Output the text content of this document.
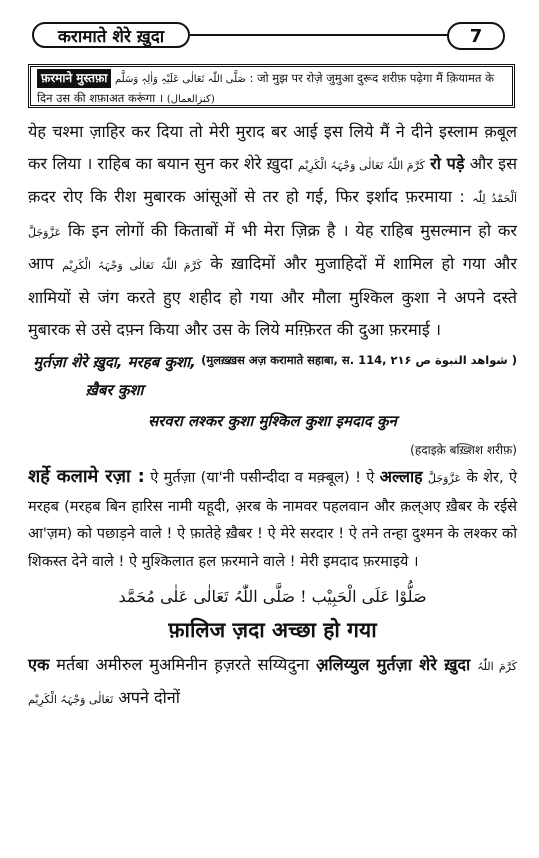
करामाते शेरे ख़ुदा	7
फ़रमाने मुस्तफ़ा صَلَّی اللّٰہ تَعَالٰی عَلَیْہِ وَاٰلِہٖ وَسَلَّم : जो मुझ पर रोज़े जुमुआ दुरूद शरीफ़ पढ़ेगा मैं क़ियामत के दिन उस की शफ़ाअत करूंगा । (کنزالعمال)

येह चश्मा ज़ाहिर कर दिया तो मेरी मुराद बर आई इस लिये मैं ने दीने इस्लाम क़बूल कर लिया । राहिब का बयान सुन कर शेरे ख़ुदा کَرَّمَ اللّٰہُ تَعَالٰی وَجْہَہُ الْکَرِیْم रो पड़े और इस क़दर रोए कि रीश मुबारक आंसूओं से तर हो गई, फिर इर्शाद फ़रमाया : اَلْحَمْدُ لِلّٰہ عَزَّوَجَلَّ कि इन लोगों की किताबों में भी मेरा ज़िक्र है । येह राहिब मुसल्मान हो कर आप کَرَّمَ اللّٰہُ تَعَالٰی وَجْہَہُ الْکَرِیْم के ख़ादिमों और मुजाहिदों में शामिल हो गया और शामियों से जंग करते हुए शहीद हो गया और मौला मुश्किल कुशा ने अपने दस्ते मुबारक से उसे दफ़्न किया और उस के लिये मग़्फ़िरत की दुआ फ़रमाई ।
(मुलख़्ख़स अज़ करामाते सहाबा, स. 114, شواهد النبوة ص ۲۱۶ )

मुर्तज़ा शेरे ख़ुदा, मरहब कुशा, ख़ैबर कुशा

सरवरा लश्कर कुशा मुश्किल कुशा इमदाद कुन

(हदाइके़ बख़्शिश शरीफ़)

शर्हे कलामे रज़ा : ऐ मुर्तज़ा (या'नी पसीन्दीदा व मक़्बूल) ! ऐ अल्लाह عَزَّوَجَلَّ के शेर, ऐ मरहब (मरहब बिन हारिस नामी यहूदी, अ़रब के नामवर पहलवान और क़ल्अए ख़ैबर के रईसे आ'ज़म) को पछाड़ने वाले ! ऐ फ़ातेहे ख़ैबर ! ऐ मेरे सरदार ! ऐ तने तन्हा दुश्मन के लश्कर को शिकस्त देने वाले ! ऐ मुश्किलात हल फ़रमाने वाले ! मेरी इमदाद फ़रमाइये ।

صَلُّوْا عَلَی الْحَبِیْب ! صَلَّی اللّٰہُ تَعَالٰی عَلٰی مُحَمَّد

फ़ालिज ज़दा अच्छा हो गया

एक मर्तबा अमीरुल मुअमिनीन ह़ज़रते सय्यिदुना अ़लिय्युल मुर्तज़ा शेरे ख़ुदा کَرَّمَ اللّٰہُ تَعَالٰی وَجْہَہُ الْکَرِیْم अपने दोनों
